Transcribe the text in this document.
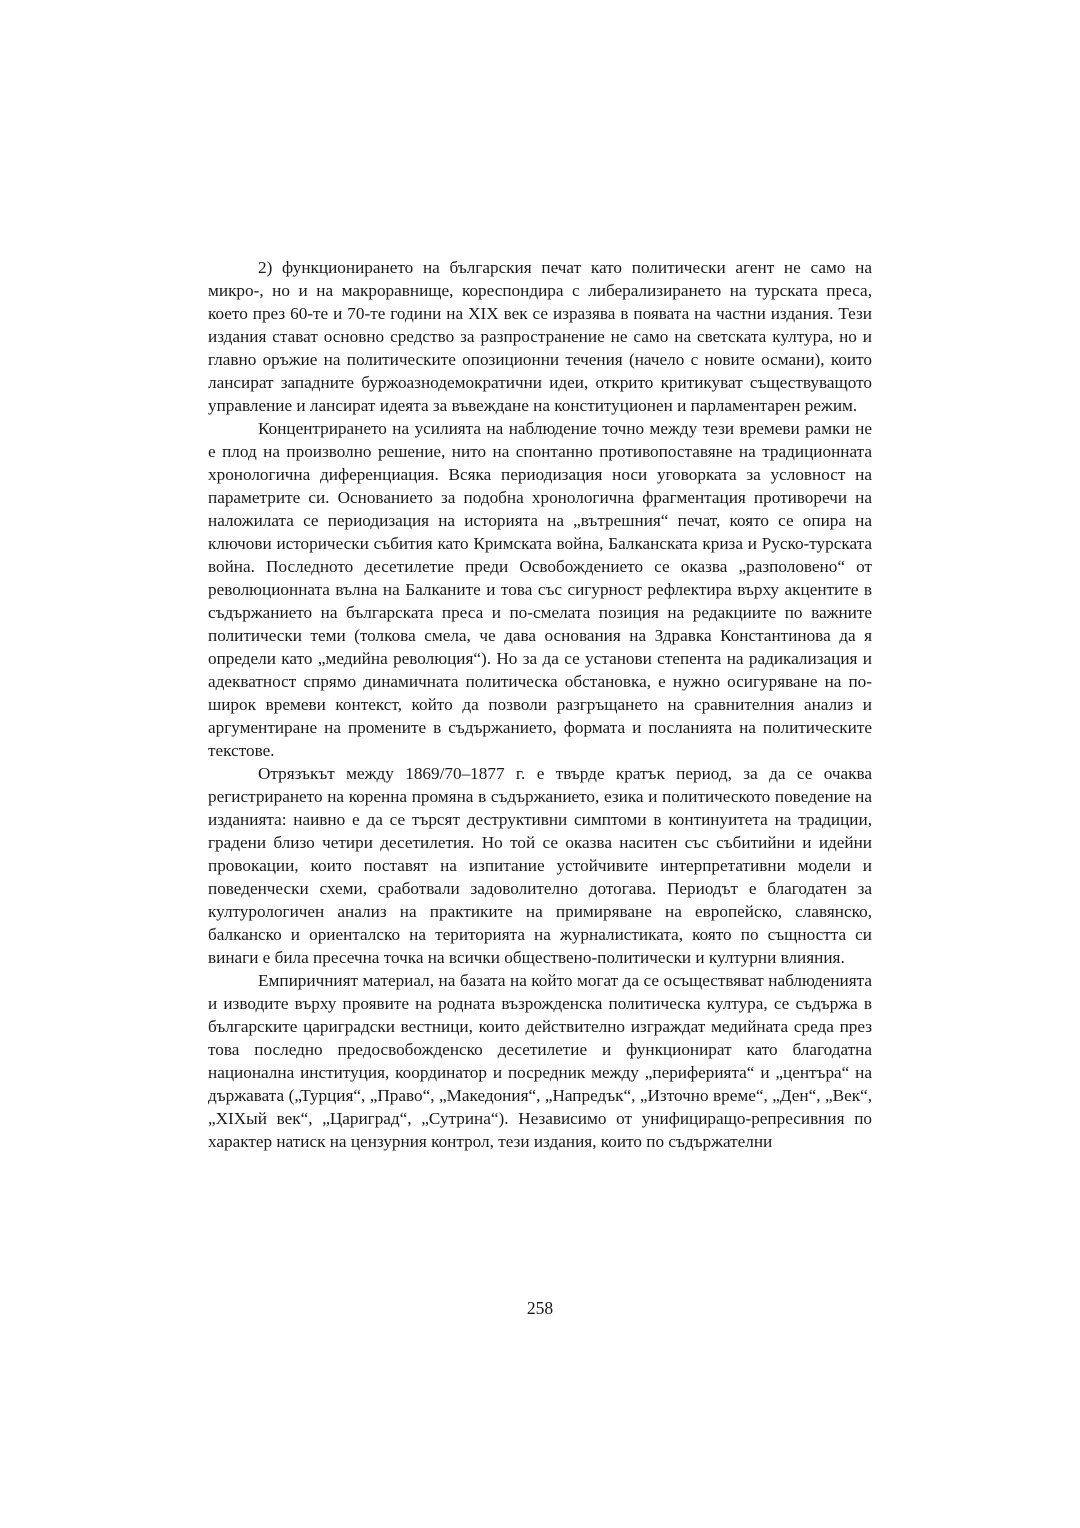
2) функционирането на българския печат като политически агент не само на микро-, но и на макроравнище, кореспондира с либерализирането на турската преса, което през 60-те и 70-те години на XIX век се изразява в появата на частни издания. Тези издания стават основно средство за разпространение не само на светската култура, но и главно оръжие на политическите опозиционни течения (начело с новите османи), които лансират западните буржоазнодемократични идеи, открито критикуват съществуващото управление и лансират идеята за въвеждане на конституционен и парламентарен режим.

Концентрирането на усилията на наблюдение точно между тези времеви рамки не е плод на произволно решение, нито на спонтанно противопоставяне на традиционната хронологична диференциация. Всяка периодизация носи уговорката за условност на параметрите си. Основанието за подобна хронологична фрагментация противоречи на наложилата се периодизация на историята на „вътрешния“ печат, която се опира на ключови исторически събития като Кримската война, Балканската криза и Руско-турската война. Последното десетилетие преди Освобождението се оказва „разполовено“ от революционната вълна на Балканите и това със сигурност рефлектира върху акцентите в съдържанието на българската преса и по-смелата позиция на редакциите по важните политически теми (толкова смела, че дава основания на Здравка Константинова да я определи като „медийна революция“). Но за да се установи степента на радикализация и адекватност спрямо динамичната политическа обстановка, е нужно осигуряване на по-широк времеви контекст, който да позволи разгръщането на сравнителния анализ и аргументиране на промените в съдържанието, формата и посланията на политическите текстове.

Отрязъкът между 1869/70–1877 г. е твърде кратък период, за да се очаква регистрирането на коренна промяна в съдържанието, езика и политическото поведение на изданията: наивно е да се търсят деструктивни симптоми в континуитета на традиции, градени близо четири десетилетия. Но той се оказва наситен със събитийни и идейни провокации, които поставят на изпитание устойчивите интерпретативни модели и поведенчески схеми, сработвали задоволително дотогава. Периодът е благодатен за културологичен анализ на практиките на примиряване на европейско, славянско, балканско и ориенталско на територията на журналистиката, която по същността си винаги е била пресечна точка на всички обществено-политически и културни влияния.

Емпиричният материал, на базата на който могат да се осъществяват наблюденията и изводите върху проявите на родната възрожденска политическа култура, се съдържа в българските цариградски вестници, които действително изграждат медийната среда през това последно предосвобожденско десетилетие и функционират като благодатна национална институция, координатор и посредник между „периферията“ и „центъра“ на държавата („Турция“, „Право“, „Македония“, „Напредък“, „Източно време“, „Ден“, „Век“, „XIXый век“, „Цариград“, „Сутрина“). Независимо от унифициращо-репресивния по характер натиск на цензурния контрол, тези издания, които по съдържателни

258
